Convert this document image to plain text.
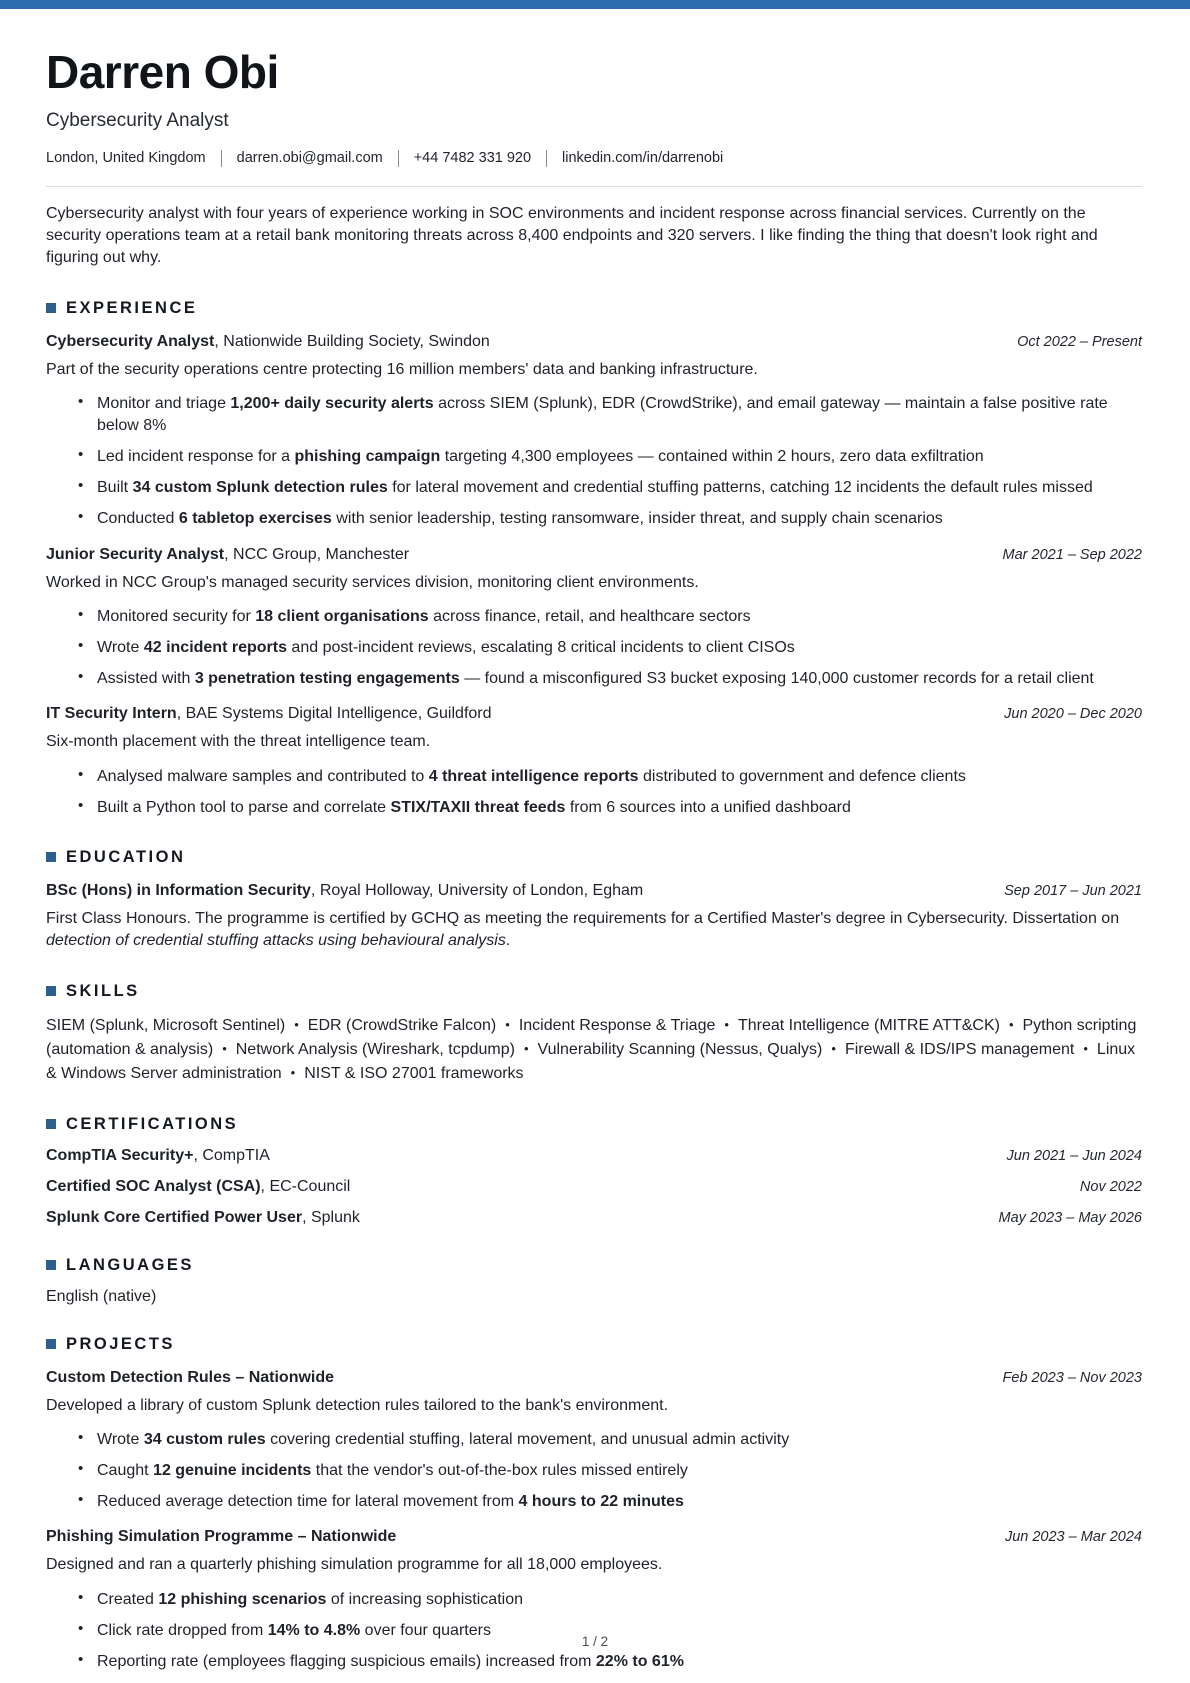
Darren Obi
Cybersecurity Analyst
London, United Kingdom darren.obi@gmail.com +44 7482 331 920 linkedin.com/in/darrenobi

Cybersecurity analyst with four years of experience working in SOC environments and incident response across financial services. Currently on the security operations team at a retail bank monitoring threats across 8,400 endpoints and 320 servers. I like finding the thing that doesn't look right and figuring out why.

EXPERIENCE
Cybersecurity Analyst, Nationwide Building Society, Swindon	Oct 2022 – Present

Part of the security operations centre protecting 16 million members' data and banking infrastructure.

• Monitor and triage 1,200+ daily security alerts across SIEM (Splunk), EDR (CrowdStrike), and email gateway — maintain a false positive rate below 8%
• Led incident response for a phishing campaign targeting 4,300 employees — contained within 2 hours, zero data exfiltration
• Built 34 custom Splunk detection rules for lateral movement and credential stuffing patterns, catching 12 incidents the default rules missed
• Conducted 6 tabletop exercises with senior leadership, testing ransomware, insider threat, and supply chain scenarios
Junior Security Analyst, NCC Group, Manchester	Mar 2021 – Sep 2022

Worked in NCC Group's managed security services division, monitoring client environments.

• Monitored security for 18 client organisations across finance, retail, and healthcare sectors
• Wrote 42 incident reports and post-incident reviews, escalating 8 critical incidents to client CISOs
• Assisted with 3 penetration testing engagements — found a misconfigured S3 bucket exposing 140,000 customer records for a retail client
IT Security Intern, BAE Systems Digital Intelligence, Guildford	Jun 2020 – Dec 2020

Six-month placement with the threat intelligence team.

• Analysed malware samples and contributed to 4 threat intelligence reports distributed to government and defence clients
• Built a Python tool to parse and correlate STIX/TAXII threat feeds from 6 sources into a unified dashboard
EDUCATION
BSc (Hons) in Information Security, Royal Holloway, University of London, Egham	Sep 2017 – Jun 2021

First Class Honours. The programme is certified by GCHQ as meeting the requirements for a Certified Master's degree in Cybersecurity. Dissertation on detection of credential stuffing attacks using behavioural analysis.

SKILLS

SIEM (Splunk, Microsoft Sentinel) • EDR (CrowdStrike Falcon) • Incident Response & Triage • Threat Intelligence (MITRE ATT&CK) • Python scripting (automation & analysis) • Network Analysis (Wireshark, tcpdump) • Vulnerability Scanning (Nessus, Qualys) • Firewall & IDS/IPS management • Linux & Windows Server administration • NIST & ISO 27001 frameworks

CERTIFICATIONS
CompTIA Security+, CompTIA	Jun 2021 – Jun 2024
Certified SOC Analyst (CSA), EC-Council	Nov 2022
Splunk Core Certified Power User, Splunk	May 2023 – May 2026
LANGUAGES

English (native)

PROJECTS
Custom Detection Rules – Nationwide	Feb 2023 – Nov 2023

Developed a library of custom Splunk detection rules tailored to the bank's environment.

• Wrote 34 custom rules covering credential stuffing, lateral movement, and unusual admin activity
• Caught 12 genuine incidents that the vendor's out-of-the-box rules missed entirely
• Reduced average detection time for lateral movement from 4 hours to 22 minutes
Phishing Simulation Programme – Nationwide	Jun 2023 – Mar 2024

Designed and ran a quarterly phishing simulation programme for all 18,000 employees.

• Created 12 phishing scenarios of increasing sophistication
• Click rate dropped from 14% to 4.8% over four quarters
• Reporting rate (employees flagging suspicious emails) increased from 22% to 61%
1 / 2
